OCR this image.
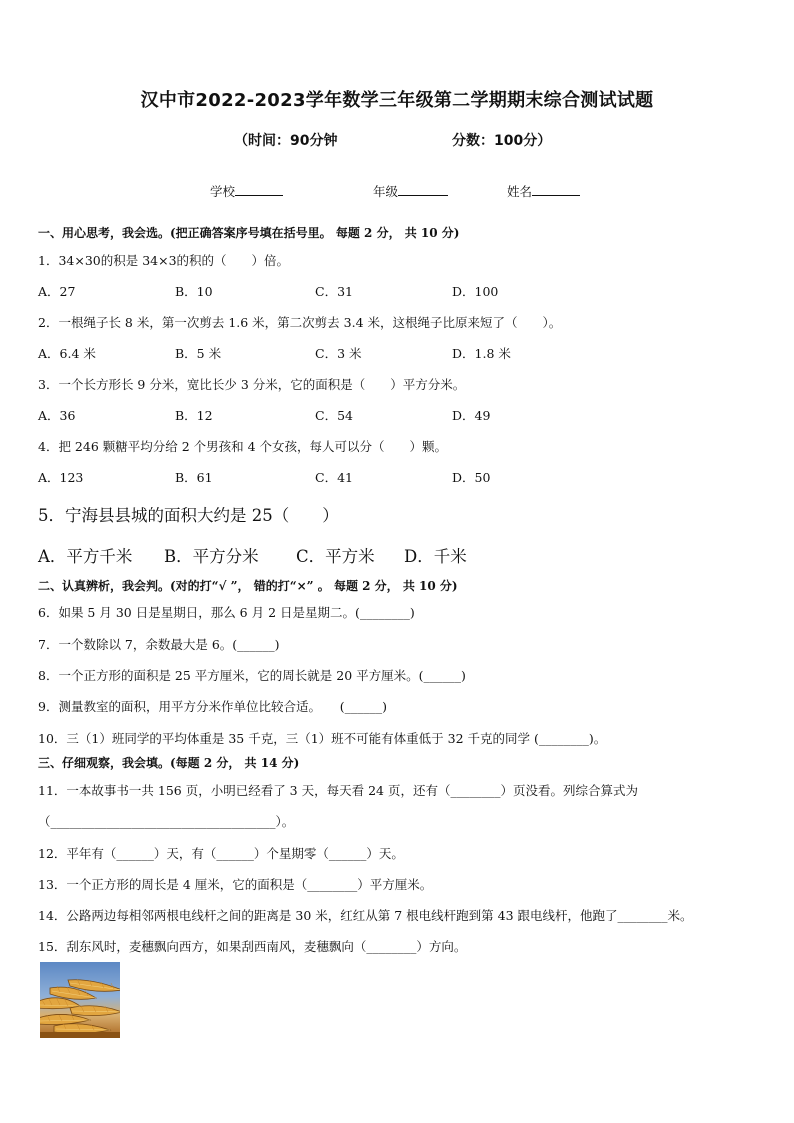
汉中市2022-2023学年数学三年级第二学期期末综合测试试题
（时间：90分钟	分数：100分）
学校	年级	姓名
一、用心思考，我会选。(把正确答案序号填在括号里。 每题 2 分， 共 10 分)
1．34×30的积是 34×3的积的（　　）倍。
A．27	B．10	C．31	D．100
2．一根绳子长 8 米，第一次剪去 1.6 米，第二次剪去 3.4 米，这根绳子比原来短了（　　）。
A．6.4 米	B．5 米	C．3 米	D．1.8 米
3．一个长方形长 9 分米，宽比长少 3 分米，它的面积是（　　）平方分米。
A．36	B．12	C．54	D．49
4．把 246 颗糖平均分给 2 个男孩和 4 个女孩，每人可以分（　　）颗。
A．123	B．61	C．41	D．50
5．宁海县县城的面积大约是 25（　　）
A．平方千米 B．平方分米 C．平方米 D．千米
二、认真辨析，我会判。(对的打“√ ”， 错的打“×” 。 每题 2 分， 共 10 分)
6．如果 5 月 30 日是星期日，那么 6 月 2 日是星期二。(________)
7．一个数除以 7，余数最大是 6。(______)
8．一个正方形的面积是 25 平方厘米，它的周长就是 20 平方厘米。(______)
9．测量教室的面积，用平方分米作单位比较合适。　　(______)
10．三（1）班同学的平均体重是 35 千克，三（1）班不可能有体重低于 32 千克的同学 (________)。
三、仔细观察，我会填。(每题 2 分， 共 14 分)
11．一本故事书一共 156 页，小明已经看了 3 天，每天看 24 页，还有（________）页没看。列综合算式为
（____________________________________）。
12．平年有（______）天，有（______）个星期零（______）天。
13．一个正方形的周长是 4 厘米，它的面积是（________）平方厘米。
14．公路两边每相邻两根电线杆之间的距离是 30 米，红红从第 7 根电线杆跑到第 43 跟电线杆，他跑了________米。
15．刮东风时，麦穗飘向西方，如果刮西南风，麦穗飘向（________）方向。
